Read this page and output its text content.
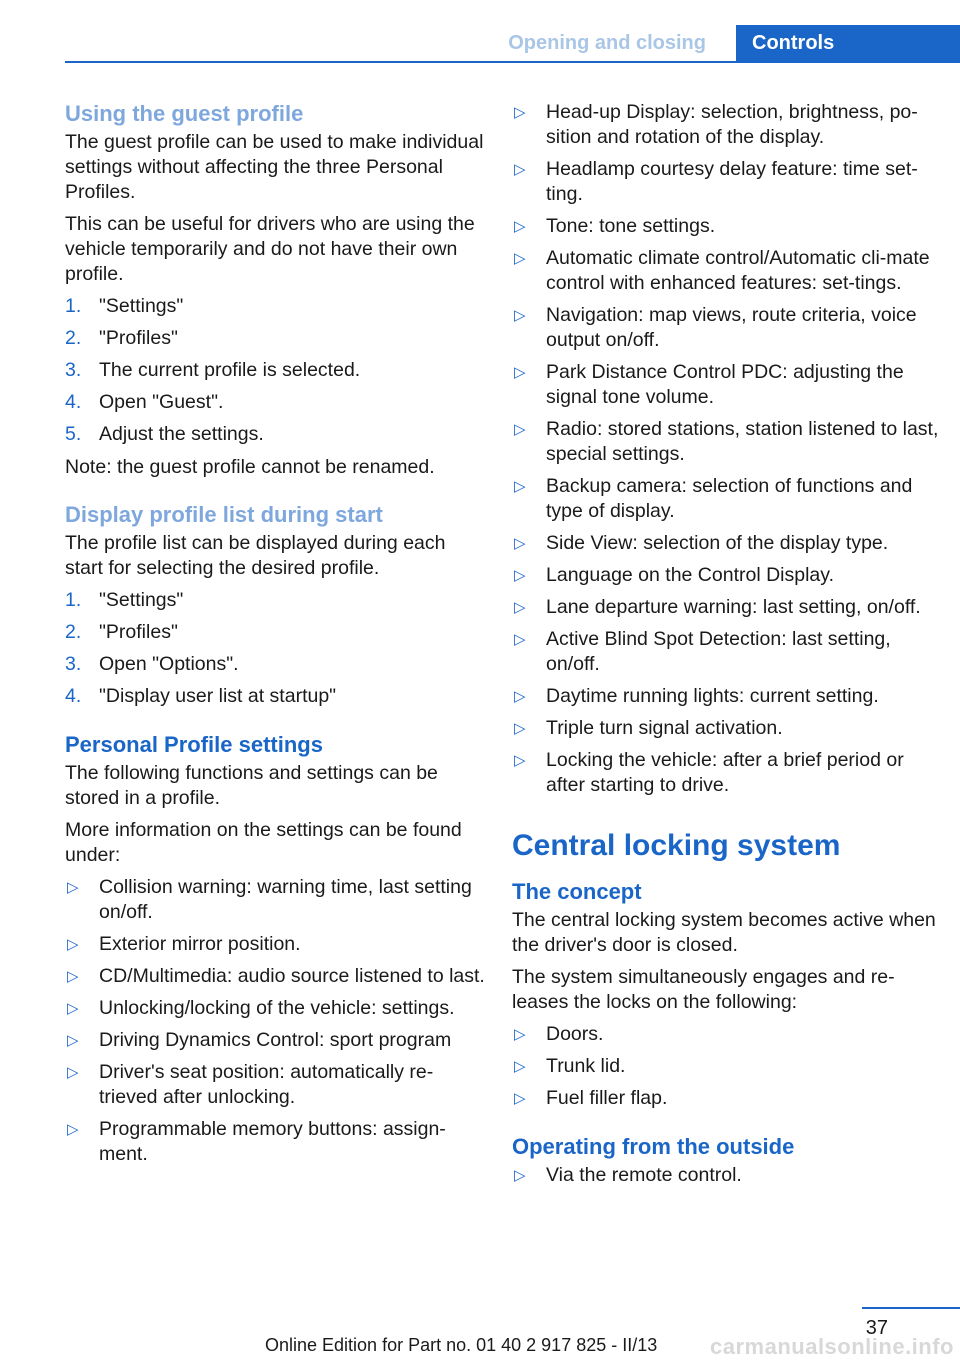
Opening and closing	Controls
Using the guest profile

The guest profile can be used to make individual settings without affecting the three Personal Profiles.

This can be useful for drivers who are using the vehicle temporarily and do not have their own profile.

1. "Settings"
2. "Profiles"
3. The current profile is selected.
4. Open "Guest".
5. Adjust the settings.

Note: the guest profile cannot be renamed.

Display profile list during start

The profile list can be displayed during each start for selecting the desired profile.

1. "Settings"
2. "Profiles"
3. Open "Options".
4. "Display user list at startup"
Personal Profile settings

The following functions and settings can be stored in a profile.

More information on the settings can be found under:

▷ Collision warning: warning time, last setting on/off.
▷ Exterior mirror position.
▷ CD/Multimedia: audio source listened to last.
▷ Unlocking/locking of the vehicle: settings.
▷ Driving Dynamics Control: sport program
▷ Driver's seat position: automatically re-trieved after unlocking.
▷ Programmable memory buttons: assign-ment.
▷ Head-up Display: selection, brightness, po-sition and rotation of the display.
▷ Headlamp courtesy delay feature: time set-ting.
▷ Tone: tone settings.
▷ Automatic climate control/Automatic cli-mate control with enhanced features: set-tings.
▷ Navigation: map views, route criteria, voice output on/off.
▷ Park Distance Control PDC: adjusting the signal tone volume.
▷ Radio: stored stations, station listened to last, special settings.
▷ Backup camera: selection of functions and type of display.
▷ Side View: selection of the display type.
▷ Language on the Control Display.
▷ Lane departure warning: last setting, on/off.
▷ Active Blind Spot Detection: last setting, on/off.
▷ Daytime running lights: current setting.
▷ Triple turn signal activation.
▷ Locking the vehicle: after a brief period or after starting to drive.
Central locking system
The concept

The central locking system becomes active when the driver's door is closed.

The system simultaneously engages and re-leases the locks on the following:

▷ Doors.
▷ Trunk lid.
▷ Fuel filler flap.
Operating from the outside
▷ Via the remote control.
37
Online Edition for Part no. 01 40 2 917 825 - II/13 carmanualsonline.info
